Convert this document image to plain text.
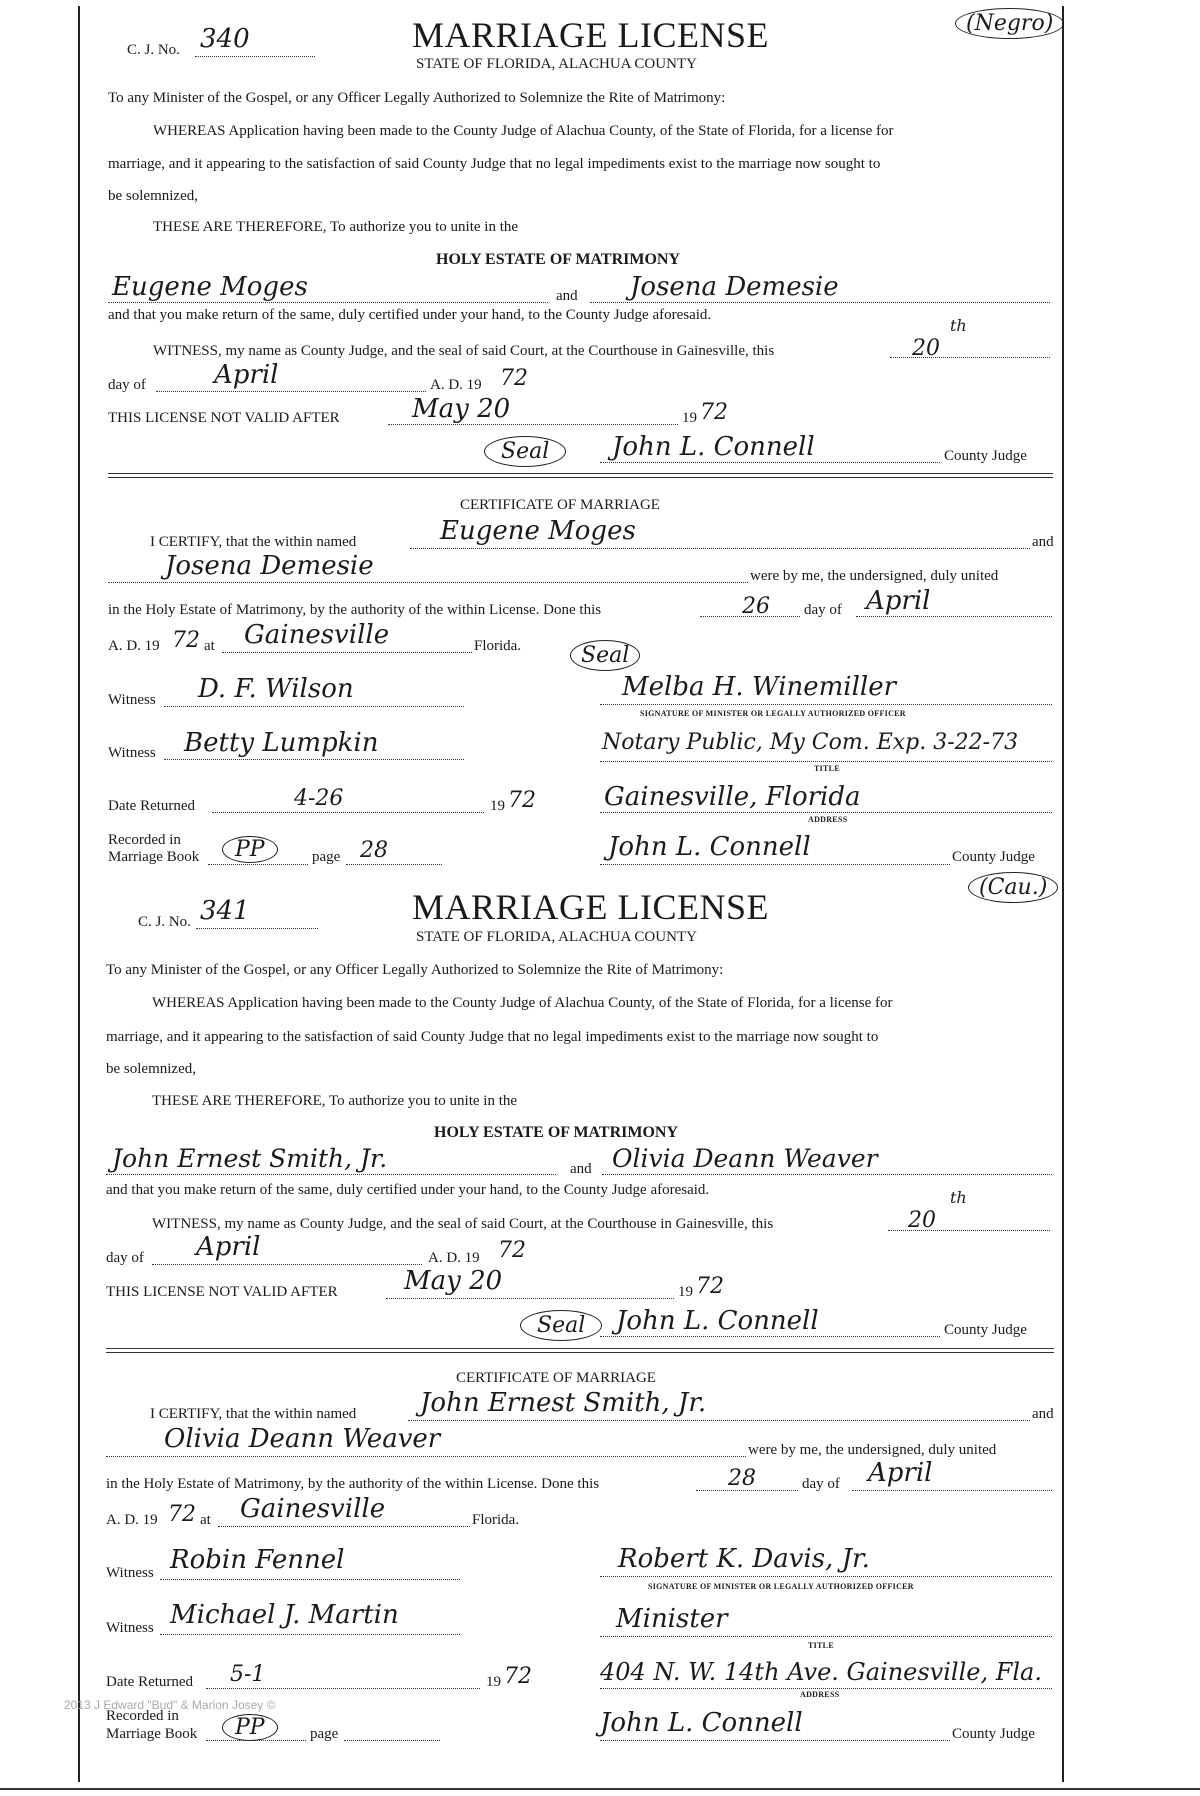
C. J. No. 340	MARRIAGE LICENSE
STATE OF FLORIDA, ALACHUA COUNTY
(Negro)
To any Minister of the Gospel, or any Officer Legally Authorized to Solemnize the Rite of Matrimony:
WHEREAS Application having been made to the County Judge of Alachua County, of the State of Florida, for a license for
marriage, and it appearing to the satisfaction of said County Judge that no legal impediments exist to the marriage now sought to
be solemnized,
THESE ARE THEREFORE, To authorize you to unite in the
HOLY ESTATE OF MATRIMONY
Eugene Moges	and Josena Demesie
and that you make return of the same, duly certified under your hand, to the County Judge aforesaid.
WITNESS, my name as County Judge, and the seal of said Court, at the Courthouse in Gainesville, this	20
th
day of	April	A. D. 19 72
THIS LICENSE NOT VALID AFTER	May 20	19 72
Seal	John L. Connell	County Judge
CERTIFICATE OF MARRIAGE
I CERTIFY, that the within named	Eugene Moges	and
Josena Demesie	were by me, the undersigned, duly united
in the Holy Estate of Matrimony, by the authority of the within License. Done this	26 day of April
A. D. 19 72 at Gainesville	Florida.	Seal
Witness D. F. Wilson	Melba H. Winemiller
SIGNATURE OF MINISTER OR LEGALLY AUTHORIZED OFFICER
Witness Betty Lumpkin	Notary Public, My Com. Exp. 3-22-73
TITLE
Date Returned	4-26	19 72	Gainesville, Florida
ADDRESS
Recorded in
Marriage Book	PP	page 28	John L. Connell	County Judge
C. J. No. 341	MARRIAGE LICENSE
STATE OF FLORIDA, ALACHUA COUNTY
(Cau.)
To any Minister of the Gospel, or any Officer Legally Authorized to Solemnize the Rite of Matrimony:
WHEREAS Application having been made to the County Judge of Alachua County, of the State of Florida, for a license for
marriage, and it appearing to the satisfaction of said County Judge that no legal impediments exist to the marriage now sought to
be solemnized,
THESE ARE THEREFORE, To authorize you to unite in the
HOLY ESTATE OF MATRIMONY
John Ernest Smith, Jr.	and Olivia Deann Weaver
and that you make return of the same, duly certified under your hand, to the County Judge aforesaid.
WITNESS, my name as County Judge, and the seal of said Court, at the Courthouse in Gainesville, this	20
th
day of April	A. D. 19 72
THIS LICENSE NOT VALID AFTER	May 20	19 72
Seal	John L. Connell	County Judge
CERTIFICATE OF MARRIAGE
I CERTIFY, that the within named John Ernest Smith, Jr.	and
Olivia Deann Weaver	were by me, the undersigned, duly united
in the Holy Estate of Matrimony, by the authority of the within License. Done this	28	day of April
A. D. 19 72 at Gainesville	Florida.
Witness Robin Fennel	Robert K. Davis, Jr.
SIGNATURE OF MINISTER OR LEGALLY AUTHORIZED OFFICER
Witness Michael J. Martin	Minister
TITLE
Date Returned 5-1	19 72	404 N. W. 14th Ave. Gainesville, Fla.
ADDRESS
Recorded in
Marriage Book	PP	page	John L. Connell	County Judge
2013 J Edward "Bud" & Marion Josey ©
